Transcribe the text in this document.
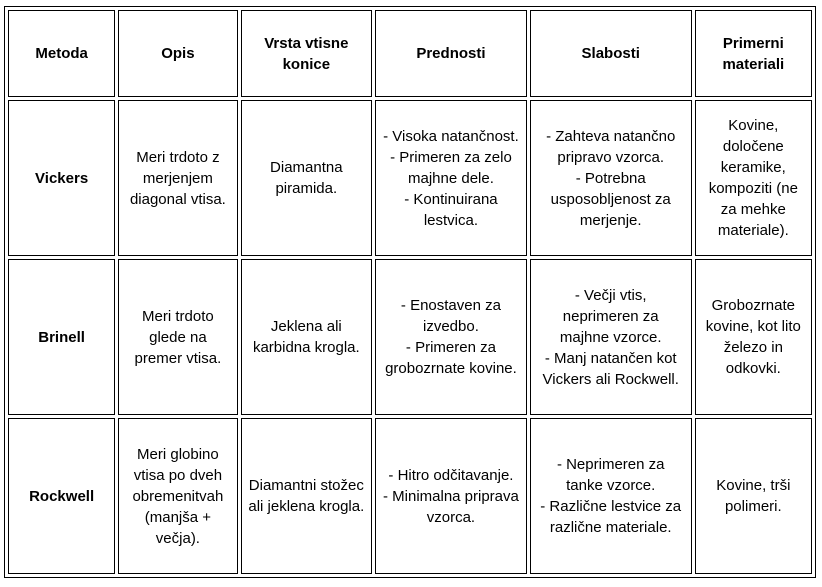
Metoda	Opis	Vrsta vtisne konice	Prednosti	Slabosti	Primerni materiali
Vickers	Meri trdoto z merjenjem diagonal vtisa.	Diamantna piramida.	- Visoka natančnost.
- Primeren za zelo majhne dele.
- Kontinuirana lestvica.	- Zahteva natančno pripravo vzorca.
- Potrebna usposobljenost za merjenje.	Kovine, določene keramike, kompoziti (ne za mehke materiale).
Brinell	Meri trdoto glede na premer vtisa.	Jeklena ali karbidna krogla.	- Enostaven za izvedbo.
- Primeren za grobozrnate kovine.	- Večji vtis, neprimeren za majhne vzorce.
- Manj natančen kot Vickers ali Rockwell.	Grobozrnate kovine, kot lito železo in odkovki.
Rockwell	Meri globino vtisa po dveh obremenitvah (manjša + večja).	Diamantni stožec ali jeklena krogla.	- Hitro odčitavanje.
- Minimalna priprava vzorca.	- Neprimeren za tanke vzorce.
- Različne lestvice za različne materiale.	Kovine, trši polimeri.
